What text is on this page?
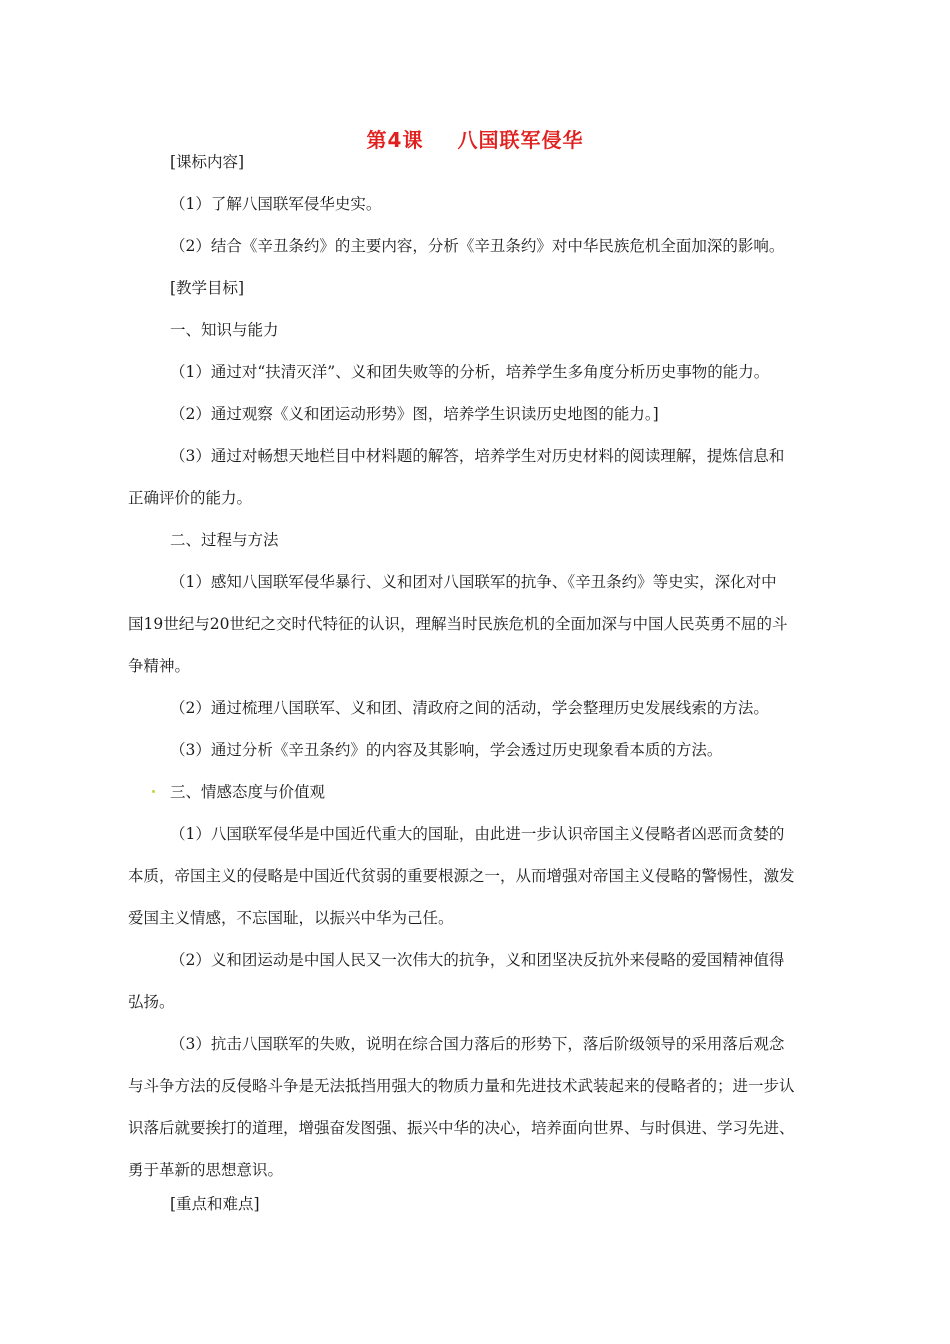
第4课 八国联军侵华
[课标内容]
（1）了解八国联军侵华史实。
（2）结合《辛丑条约》的主要内容，分析《辛丑条约》对中华民族危机全面加深的影响。
[教学目标]
一、知识与能力
（1）通过对“扶清灭洋”、义和团失败等的分析，培养学生多角度分析历史事物的能力。
（2）通过观察《义和团运动形势》图，培养学生识读历史地图的能力。]
（3）通过对畅想天地栏目中材料题的解答，培养学生对历史材料的阅读理解，提炼信息和
正确评价的能力。
二、过程与方法
（1）感知八国联军侵华暴行、义和团对八国联军的抗争、《辛丑条约》等史实，深化对中
国19世纪与20世纪之交时代特征的认识，理解当时民族危机的全面加深与中国人民英勇不屈的斗
争精神。
（2）通过梳理八国联军、义和团、清政府之间的活动，学会整理历史发展线索的方法。
（3）通过分析《辛丑条约》的内容及其影响，学会透过历史现象看本质的方法。
三、情感态度与价值观
（1）八国联军侵华是中国近代重大的国耻，由此进一步认识帝国主义侵略者凶恶而贪婪的
本质，帝国主义的侵略是中国近代贫弱的重要根源之一，从而增强对帝国主义侵略的警惕性，激发
爱国主义情感，不忘国耻，以振兴中华为己任。
（2）义和团运动是中国人民又一次伟大的抗争，义和团坚决反抗外来侵略的爱国精神值得
弘扬。
（3）抗击八国联军的失败，说明在综合国力落后的形势下，落后阶级领导的采用落后观念
与斗争方法的反侵略斗争是无法抵挡用强大的物质力量和先进技术武装起来的侵略者的；进一步认
识落后就要挨打的道理，增强奋发图强、振兴中华的决心，培养面向世界、与时俱进、学习先进、
勇于革新的思想意识。
[重点和难点]
